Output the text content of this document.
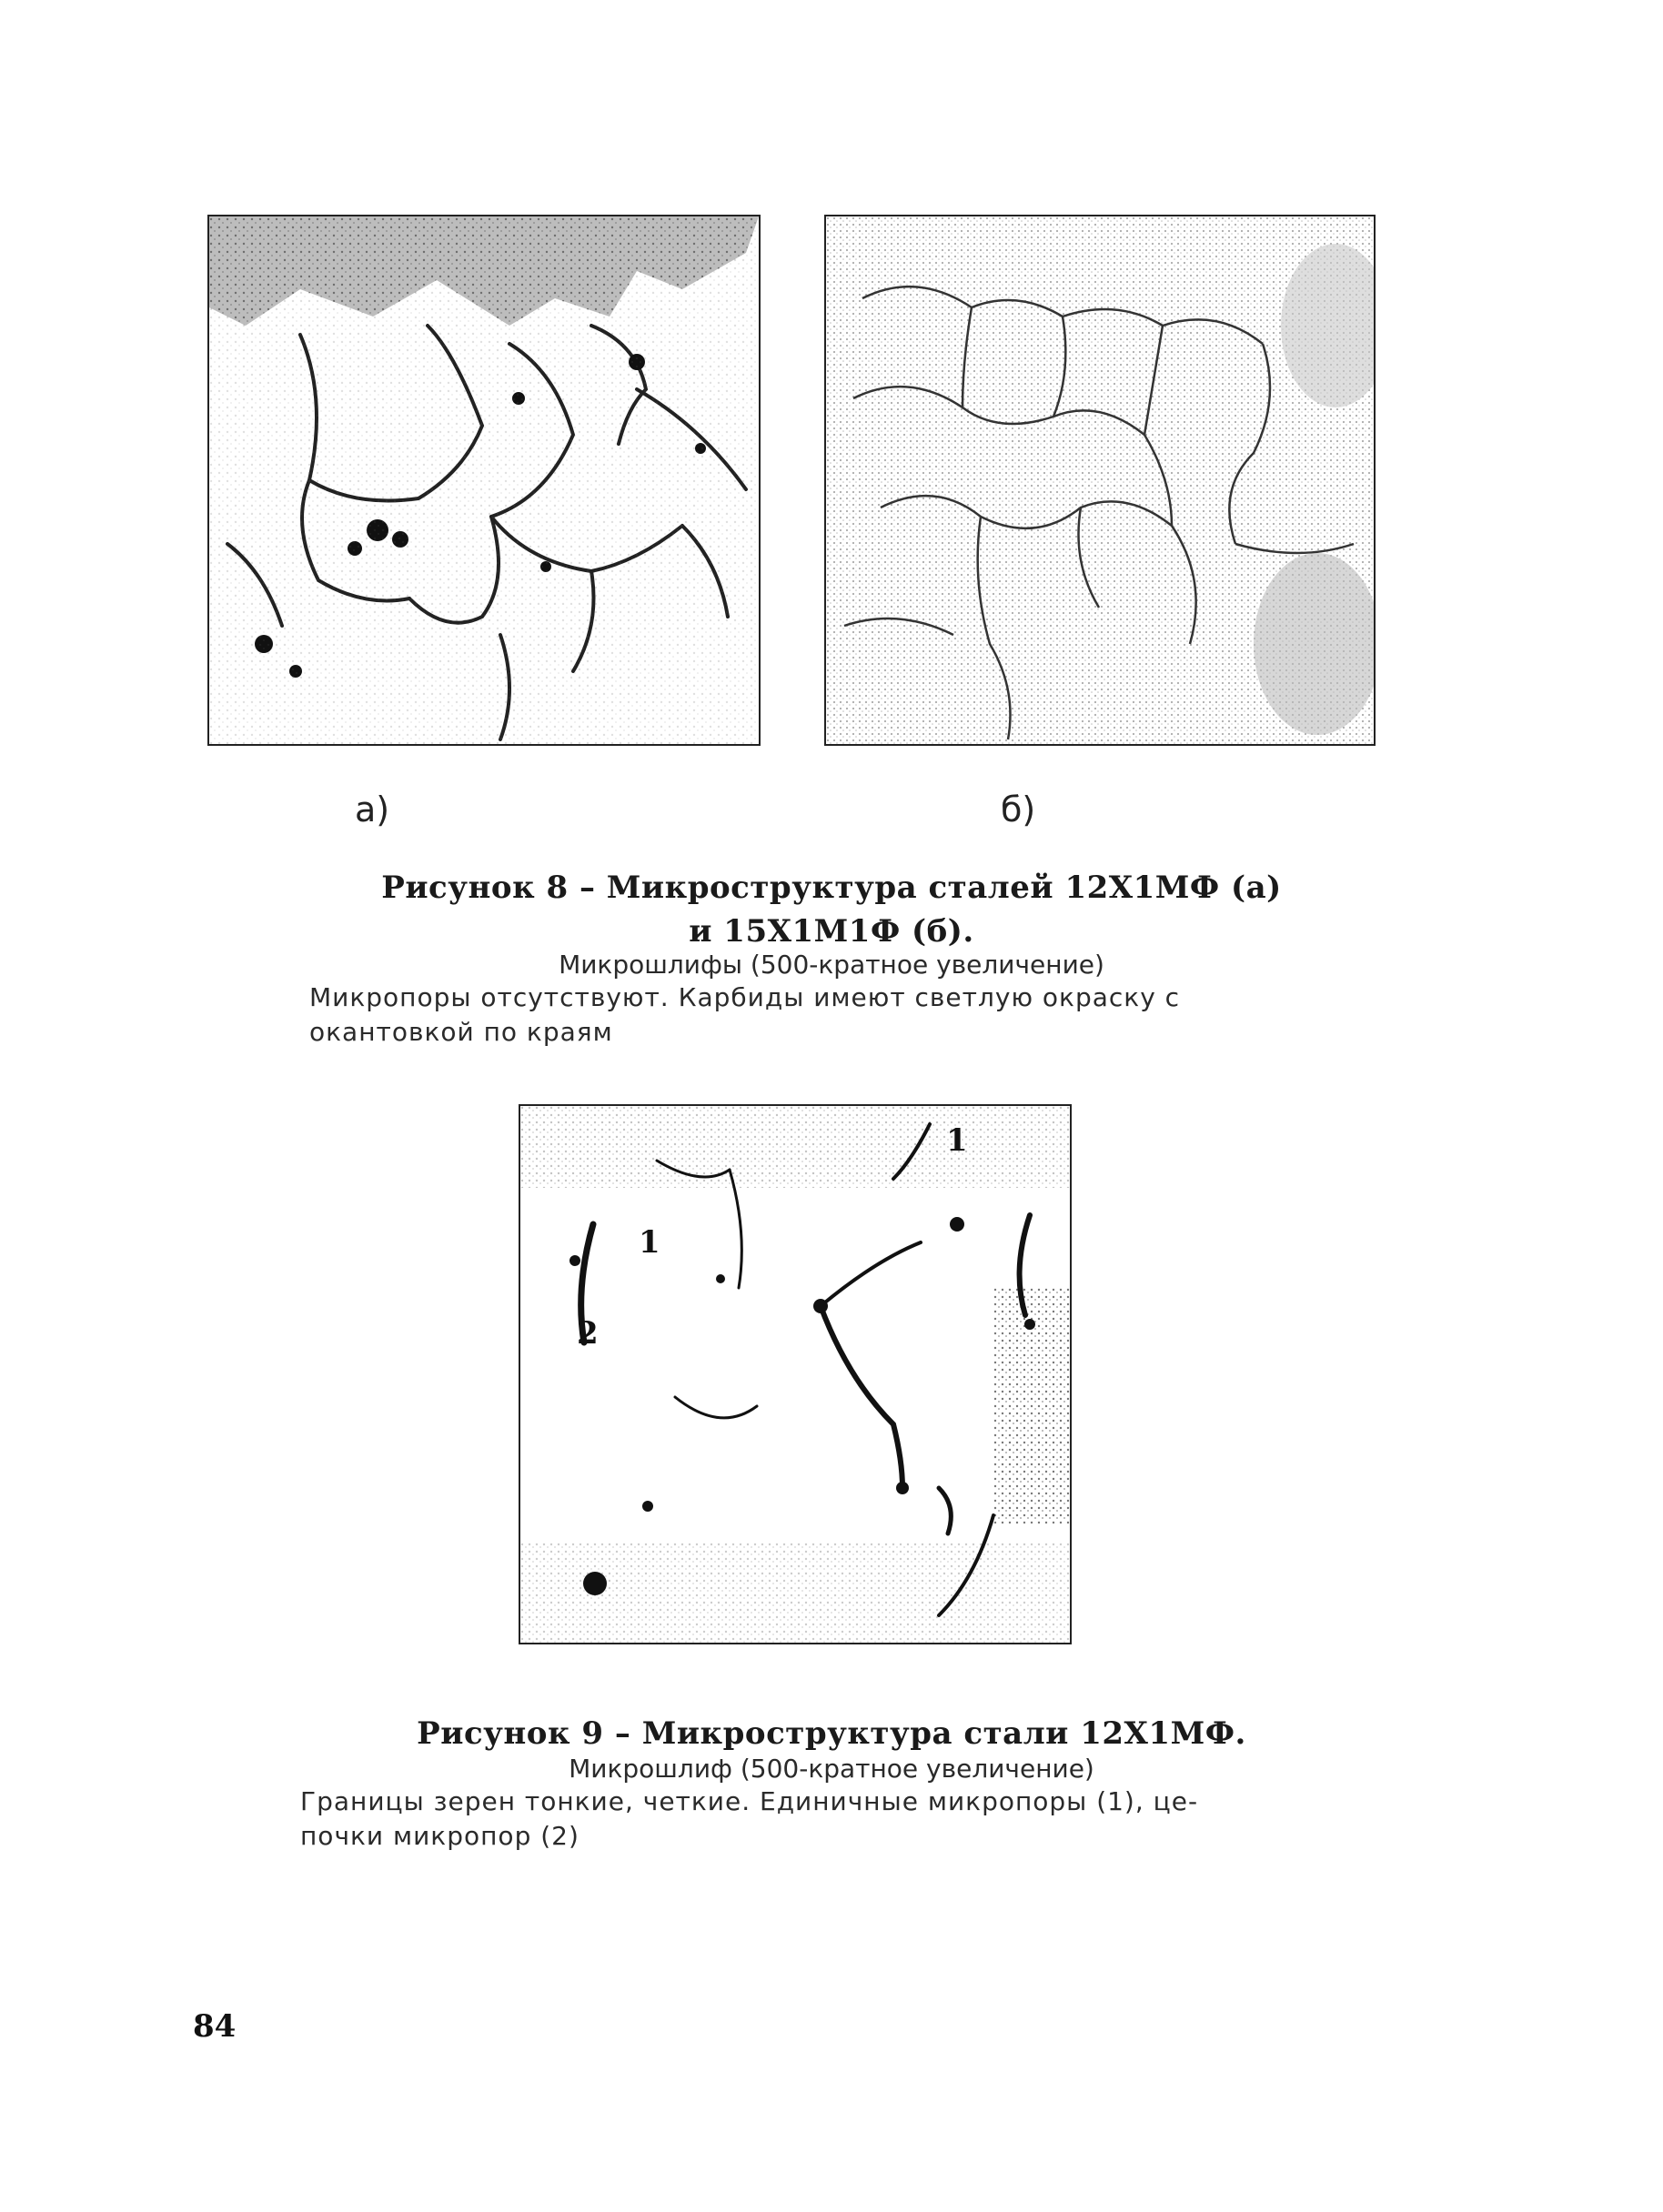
а)	б)
Рисунок 8 – Микроструктура сталей 12Х1МФ (а)
и 15Х1М1Ф (б).
Микрошлифы (500-кратное увеличение)
Микропоры отсутствуют. Карбиды имеют светлую окраску с
окантовкой по краям
1
1
2
Рисунок 9 – Микроструктура стали 12Х1МФ.
Микрошлиф (500-кратное увеличение)
Границы зерен тонкие, четкие. Единичные микропоры (1), це-
почки микропор (2)
84
